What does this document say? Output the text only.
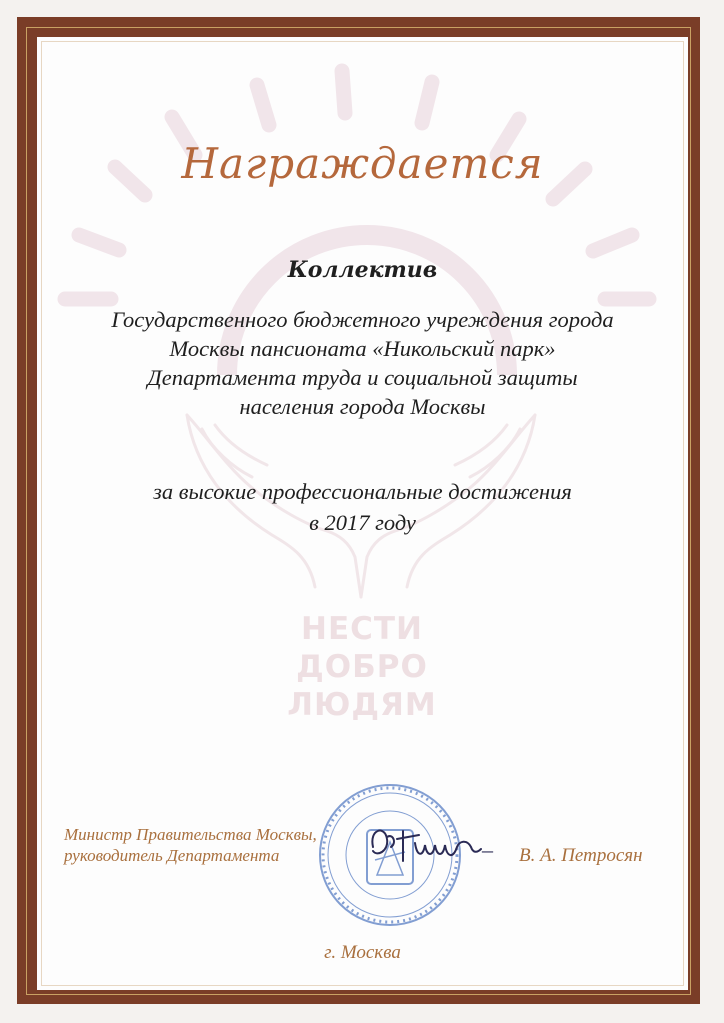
Награждается
Коллектив
Государственного бюджетного учреждения города
Москвы пансионата «Никольский парк»
Департамента труда и социальной защиты
населения города Москвы
за высокие профессиональные достижения
в 2017 году
НЕСТИ
ДОБРО
ЛЮДЯМ
Министр Правительства Москвы,
руководитель Департамента	– В. А. Петросян
г. Москва
